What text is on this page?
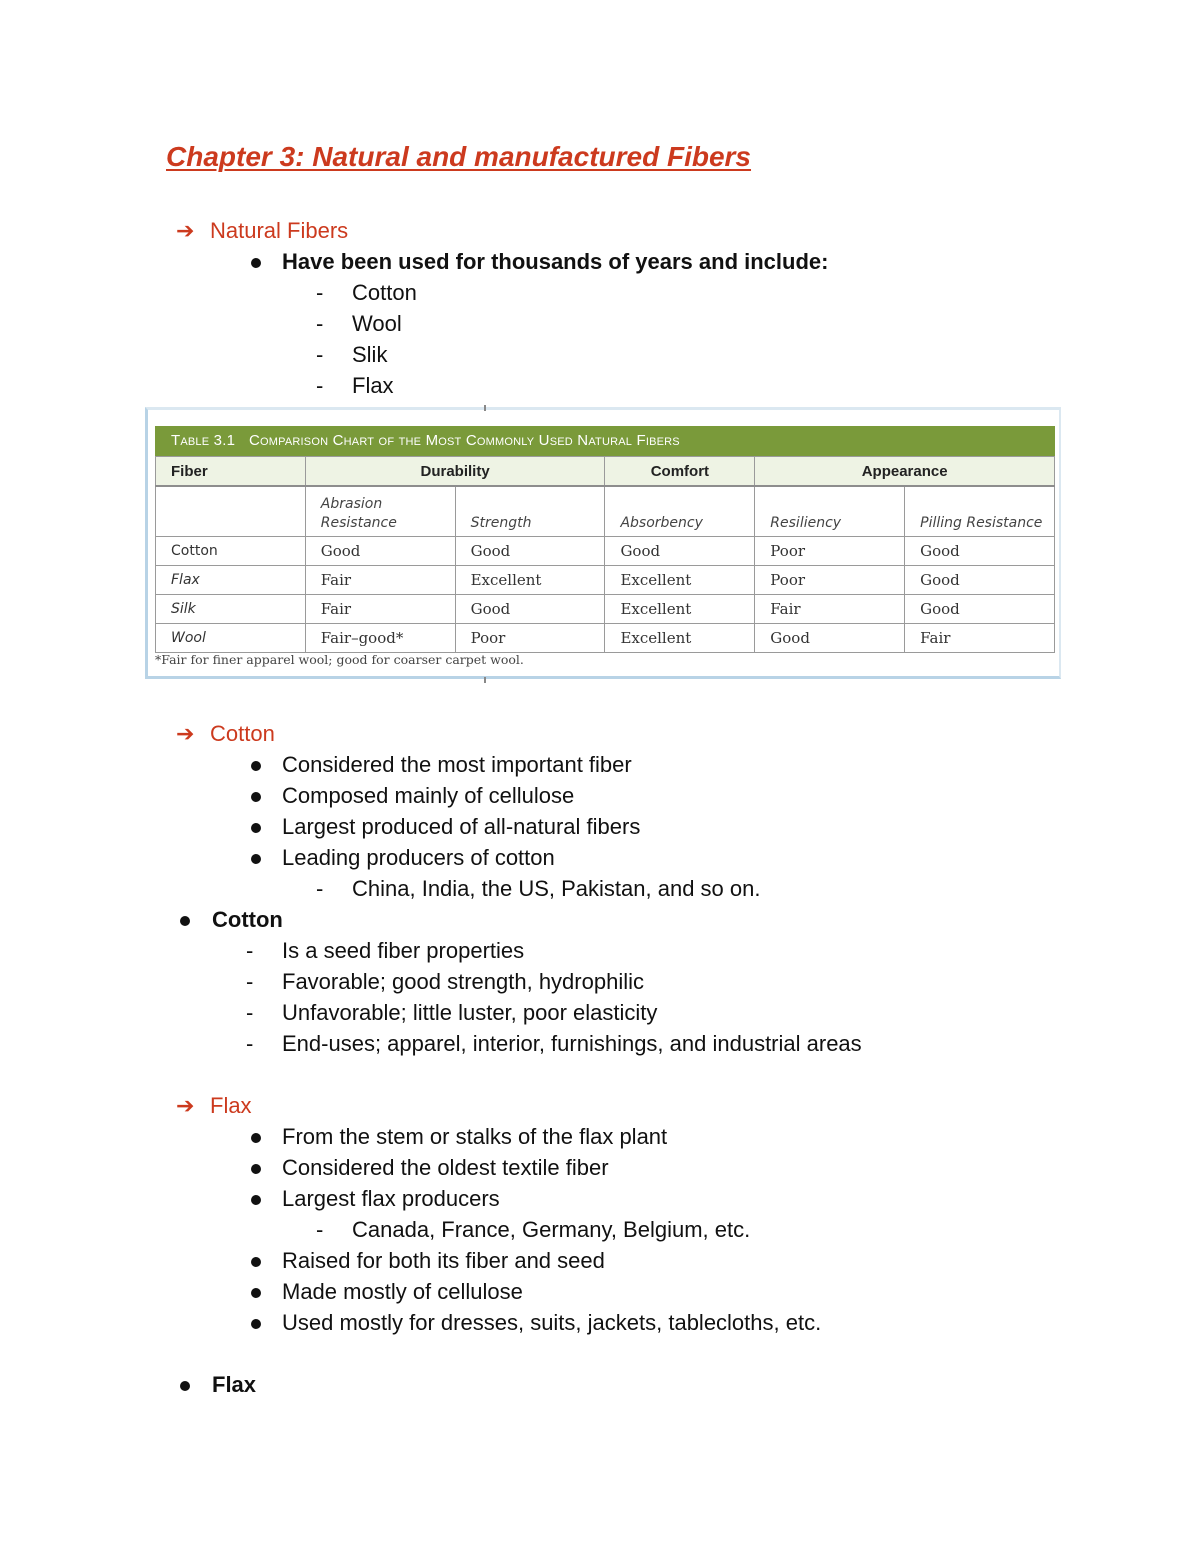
Chapter 3: Natural and manufactured Fibers
➔ Natural Fibers
Have been used for thousands of years and include:
- Cotton
- Wool
- Slik
- Flax
Table 3.1 Comparison Chart of the Most Commonly Used Natural Fibers
Fiber	Durability		Comfort	Appearance	
	Abrasion Resistance	Strength	Absorbency	Resiliency	Pilling Resistance
Cotton	Good	Good	Good	Poor	Good
Flax	Fair	Excellent	Excellent	Poor	Good
Silk	Fair	Good	Excellent	Fair	Good
Wool	Fair–good*	Poor	Excellent	Good	Fair
*Fair for finer apparel wool; good for coarser carpet wool.
➔ Cotton
Considered the most important fiber
Composed mainly of cellulose
Largest produced of all-natural fibers
Leading producers of cotton
- China, India, the US, Pakistan, and so on.
Cotton
- Is a seed fiber properties
- Favorable; good strength, hydrophilic
- Unfavorable; little luster, poor elasticity
- End-uses; apparel, interior, furnishings, and industrial areas
➔ Flax
From the stem or stalks of the flax plant
Considered the oldest textile fiber
Largest flax producers
- Canada, France, Germany, Belgium, etc.
Raised for both its fiber and seed
Made mostly of cellulose
Used mostly for dresses, suits, jackets, tablecloths, etc.
Flax
